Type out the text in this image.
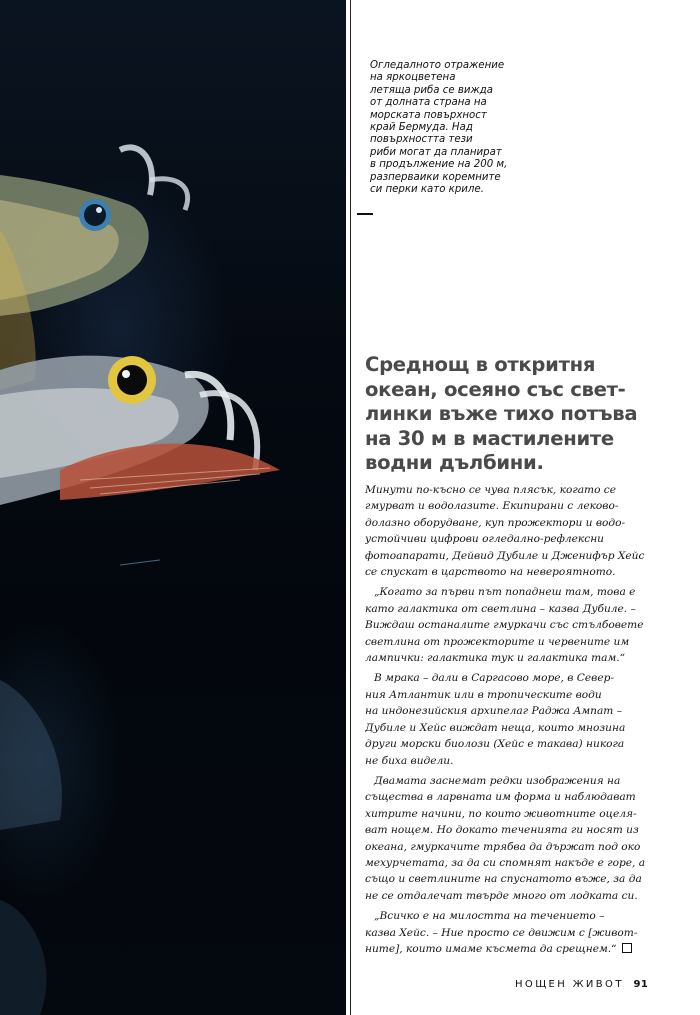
Огледалното отражение
на яркоцветена
летяща риба се вижда
от долната страна на
морската повърхност
край Бермуда. Над
повърхността тези
риби могат да планират
в продължение на 200 м,
разперваики коремните
си перки като криле.
Среднощ в откритня
океан, осеяно със свет-
линки въже тихо потъва
на 30 м в мастилените
водни дълбини.
Минути по-късно се чува плясък, когато се
гмурват и водолазите. Екипирани с лековo-
долазно оборудване, куп прожектори и водо-
устойчиви цифрови огледално-рефлексни
фотоапарати, Дейвид Дубиле и Дженифър Хейс
се спускат в царството на невероятното.
„Когато за първи път попаднеш там, това е
като галактика от светлина – казва Дубиле. –
Виждаш останалите гмуркачи със стълбовете
светлина от прожекторите и червените им
лампички: галактика тук и галактика там.“
В мрака – дали в Саргасово море, в Север-
ния Атлантик или в тропическите води
на индонезийския архипелаг Раджа Ампат –
Дубиле и Хейс виждат неща, които мнозина
други морски биолози (Хейс е такава) никога
не биха видели.
Двамата заснемат редки изображения на
същества в ларвната им форма и наблюдават
хитрите начини, по които животните оцеля-
ват нощем. Но докато теченията ги носят из
океана, гмуркачите трябва да държат под око
мехурчетата, за да си спомнят накъде е горе, а
също и светлините на спуснатото въже, за да
не се отдалечат твърде много от лодката си.
„Всичко е на милостта на течението –
казва Хейс. – Ние просто се движим с [живот-
ните], които имаме късмета да срещнем.“
НОЩЕН ЖИВОТ 91
